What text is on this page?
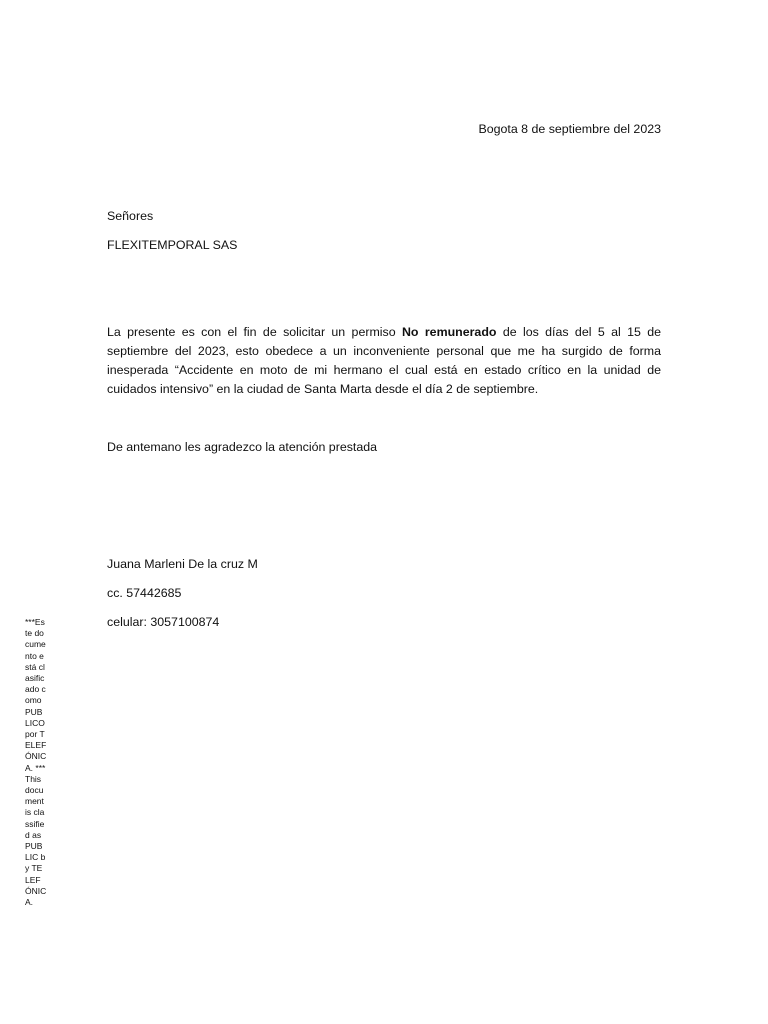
Bogota 8 de septiembre del 2023
Señores
FLEXITEMPORAL SAS
La presente es con el fin de solicitar un permiso No remunerado de los días del 5 al 15 de septiembre del 2023, esto obedece a un inconveniente personal que me ha surgido de forma inesperada “Accidente en moto de mi hermano el cual está en estado crítico en la unidad de cuidados intensivo” en la ciudad de Santa Marta desde el día 2 de septiembre.
De antemano les agradezco la atención prestada
Juana Marleni De la cruz M
cc. 57442685
celular: 3057100874
***Este documento está clasificado como PUBLICO por TELEFÓNICA. ***This document is classified as PUBLIC by TELEFÓNICA.
